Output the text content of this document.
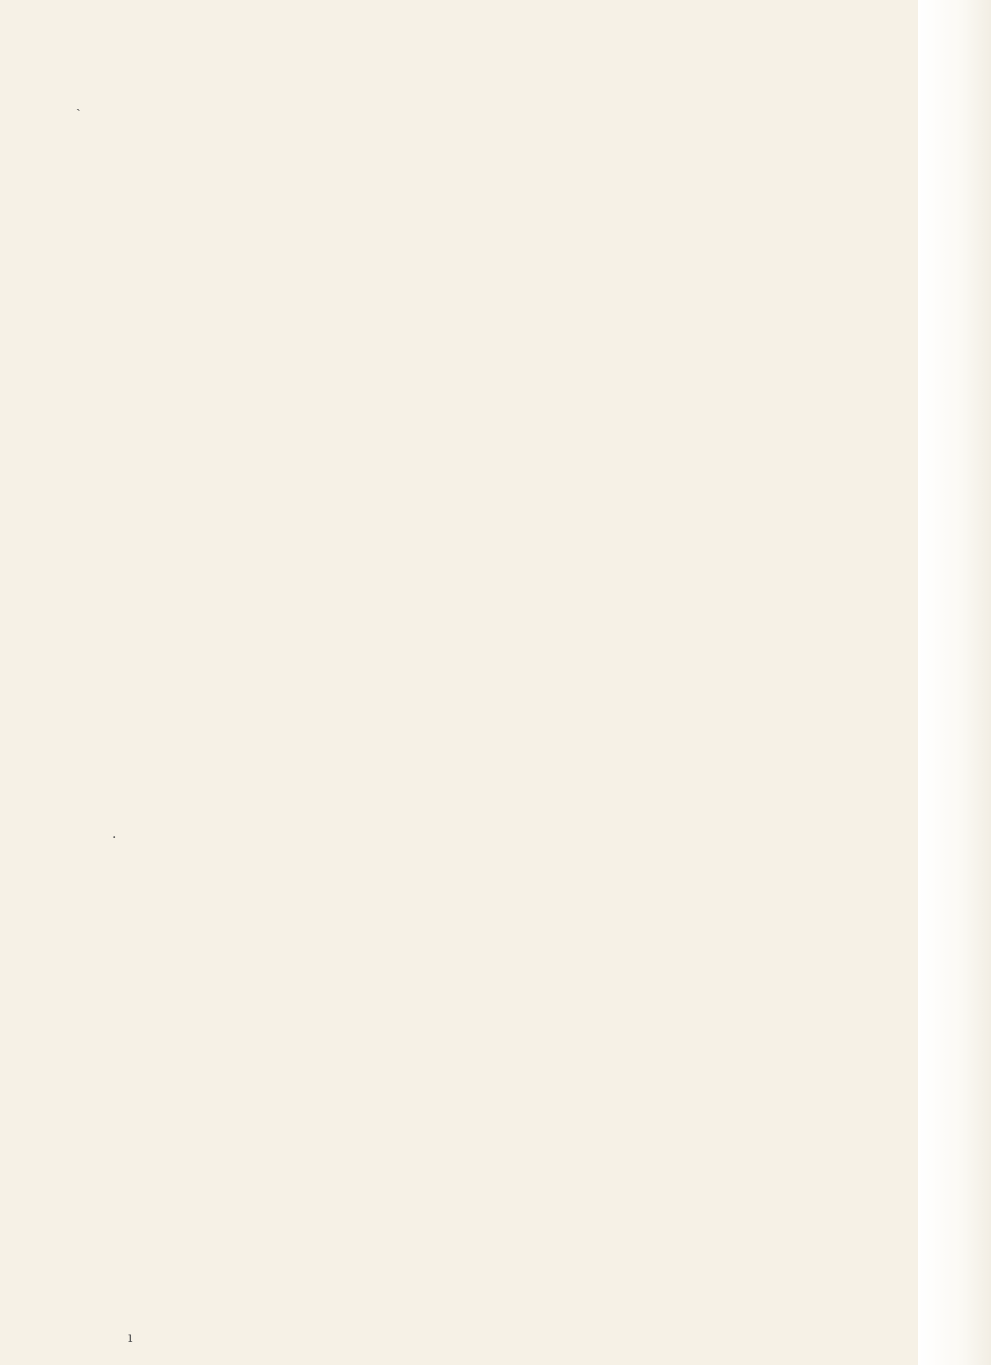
ˏ
·
ı
